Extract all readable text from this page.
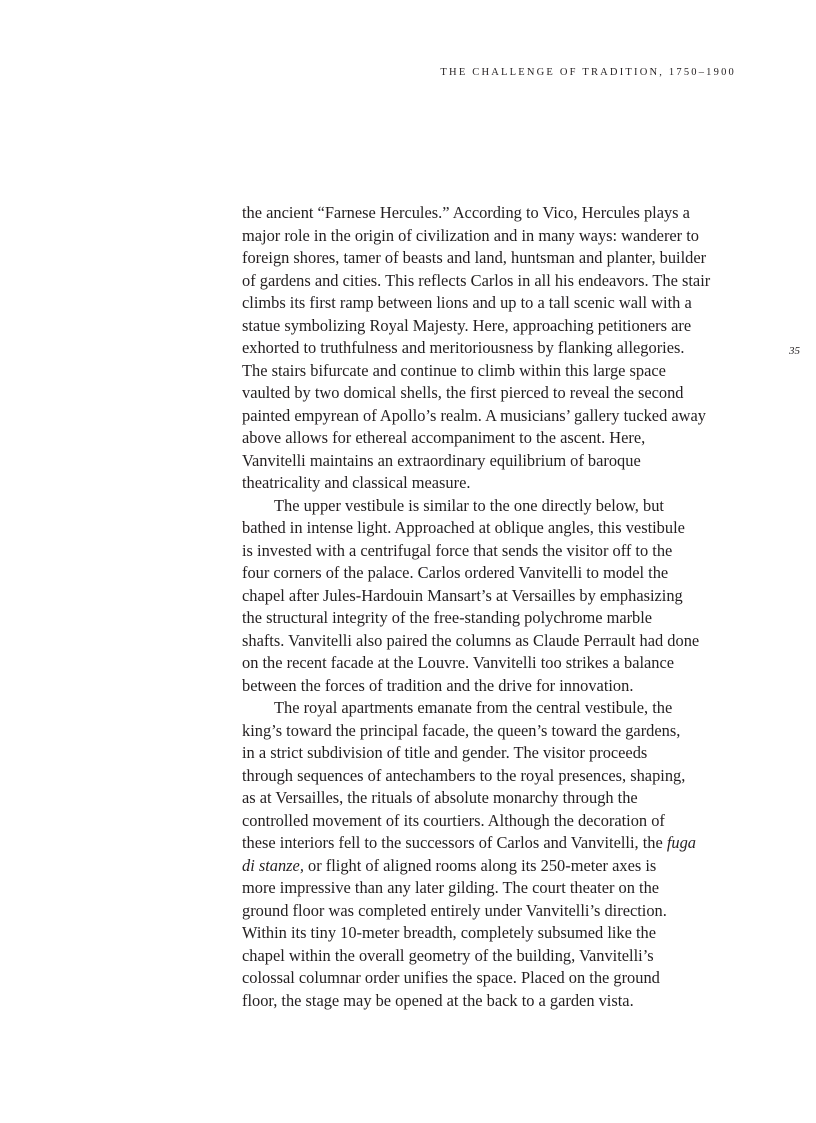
THE CHALLENGE OF TRADITION, 1750–1900
35
the ancient “Farnese Hercules.” According to Vico, Hercules plays a
major role in the origin of civilization and in many ways: wanderer to
foreign shores, tamer of beasts and land, huntsman and planter, builder
of gardens and cities. This reflects Carlos in all his endeavors. The stair
climbs its first ramp between lions and up to a tall scenic wall with a
statue symbolizing Royal Majesty. Here, approaching petitioners are
exhorted to truthfulness and meritoriousness by flanking allegories.
The stairs bifurcate and continue to climb within this large space
vaulted by two domical shells, the first pierced to reveal the second
painted empyrean of Apollo’s realm. A musicians’ gallery tucked away
above allows for ethereal accompaniment to the ascent. Here,
Vanvitelli maintains an extraordinary equilibrium of baroque
theatricality and classical measure.
The upper vestibule is similar to the one directly below, but
bathed in intense light. Approached at oblique angles, this vestibule
is invested with a centrifugal force that sends the visitor off to the
four corners of the palace. Carlos ordered Vanvitelli to model the
chapel after Jules-Hardouin Mansart’s at Versailles by emphasizing
the structural integrity of the free-standing polychrome marble
shafts. Vanvitelli also paired the columns as Claude Perrault had done
on the recent facade at the Louvre. Vanvitelli too strikes a balance
between the forces of tradition and the drive for innovation.
The royal apartments emanate from the central vestibule, the
king’s toward the principal facade, the queen’s toward the gardens,
in a strict subdivision of title and gender. The visitor proceeds
through sequences of antechambers to the royal presences, shaping,
as at Versailles, the rituals of absolute monarchy through the
controlled movement of its courtiers. Although the decoration of
these interiors fell to the successors of Carlos and Vanvitelli, the fuga
di stanze, or flight of aligned rooms along its 250-meter axes is
more impressive than any later gilding. The court theater on the
ground floor was completed entirely under Vanvitelli’s direction.
Within its tiny 10-meter breadth, completely subsumed like the
chapel within the overall geometry of the building, Vanvitelli’s
colossal columnar order unifies the space. Placed on the ground
floor, the stage may be opened at the back to a garden vista.
